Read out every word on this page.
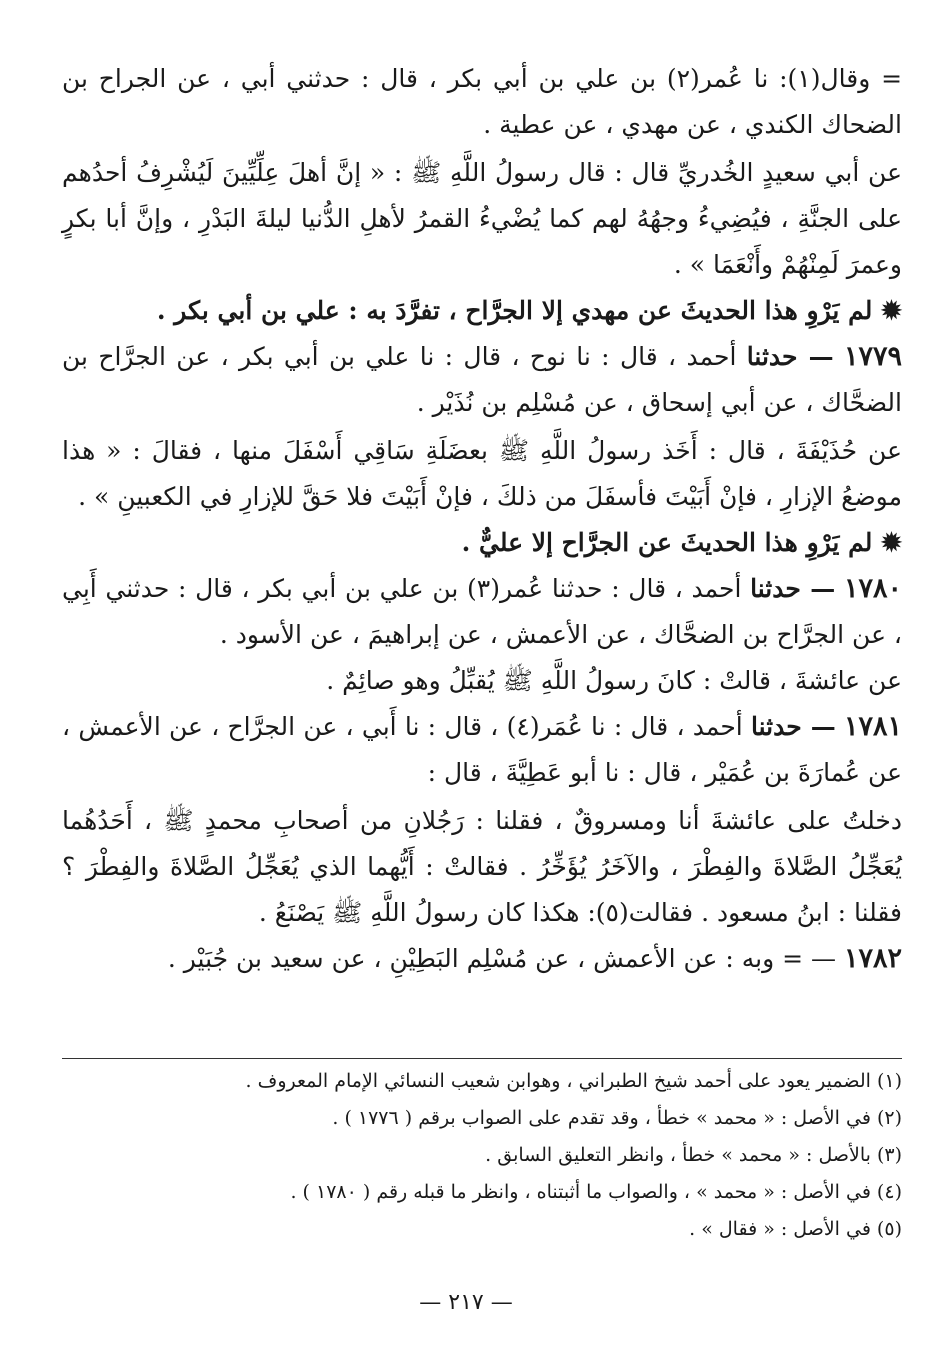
= وقال(١): نا عُمر(٢) بن علي بن أبي بكر ، قال : حدثني أبي ، عن الجراح بن الضحاك الكندي ، عن مهدي ، عن عطية .

عن أبي سعيدٍ الخُدريِّ قال : قال رسولُ اللَّهِ ﷺ : « إنَّ أهلَ عِلِّيِّينَ لَيُشْرِفُ أحدُهم على الجنَّةِ ، فيُضِيءُ وجهُهُ لهم كما يُضْيءُ القمرُ لأهلِ الدُّنيا ليلةَ البَدْرِ ، وإنَّ أبا بكرٍ وعمرَ لَمِنْهُمْ وأَنْعَمَا » .

✹ لم يَرْوِ هذا الحديثَ عن مهدي إلا الجرَّاح ، تفرَّدَ به : علي بن أبي بكر .

١٧٧٩ — حدثنا أحمد ، قال : نا نوح ، قال : نا علي بن أبي بكر ، عن الجرَّاح بن الضحَّاك ، عن أبي إسحاق ، عن مُسْلِم بن نُذَيْر .

عن حُذَيْفَةَ ، قال : أَخَذ رسولُ اللَّهِ ﷺ بعضَلَةِ سَاقِي أَسْفَلَ منها ، فقالَ : « هذا موضعُ الإزارِ ، فإنْ أَبَيْتَ فأسفَلَ من ذلكَ ، فإنْ أَبَيْتَ فلا حَقَّ للإزارِ في الكعبينِ » .

✹ لم يَرْوِ هذا الحديثَ عن الجرَّاح إلا عليٌّ .

١٧٨٠ — حدثنا أحمد ، قال : حدثنا عُمر(٣) بن علي بن أبي بكر ، قال : حدثني أَبِي ، عن الجرَّاح بن الضحَّاك ، عن الأعمش ، عن إبراهيمَ ، عن الأسود .

عن عائشةَ ، قالتْ : كانَ رسولُ اللَّهِ ﷺ يُقبِّلُ وهو صائِمٌ .

١٧٨١ — حدثنا أحمد ، قال : نا عُمَر(٤) ، قال : نا أَبي ، عن الجرَّاح ، عن الأعمش ، عن عُمارَةَ بن عُمَيْر ، قال : نا أبو عَطِيَّةَ ، قال :

دخلتُ على عائشةَ أنا ومسروقٌ ، فقلنا : رَجُلانِ من أصحابِ محمدٍ ﷺ ، أَحَدُهُما يُعَجِّلُ الصَّلاةَ والفِطْرَ ، والآخَرُ يُؤَخِّرُ . فقالتْ : أَيُّهما الذي يُعَجِّلُ الصَّلاةَ والفِطْرَ ؟ فقلنا : ابنُ مسعود . فقالت(٥): هكذا كان رسولُ اللَّهِ ﷺ يَصْنَعُ .

١٧٨٢ — = وبه : عن الأعمش ، عن مُسْلِم البَطِيْنِ ، عن سعيد بن جُبَيْر .

(١) الضمير يعود على أحمد شيخ الطبراني ، وهوابن شعيب النسائي الإمام المعروف .

(٢) في الأصل : « محمد » خطأ ، وقد تقدم على الصواب برقم ( ١٧٧٦ ) .

(٣) بالأصل : « محمد » خطأ ، وانظر التعليق السابق .

(٤) في الأصل : « محمد » ، والصواب ما أثبتناه ، وانظر ما قبله رقم ( ١٧٨٠ ) .

(٥) في الأصل : « فقال » .

— ٢١٧ —
